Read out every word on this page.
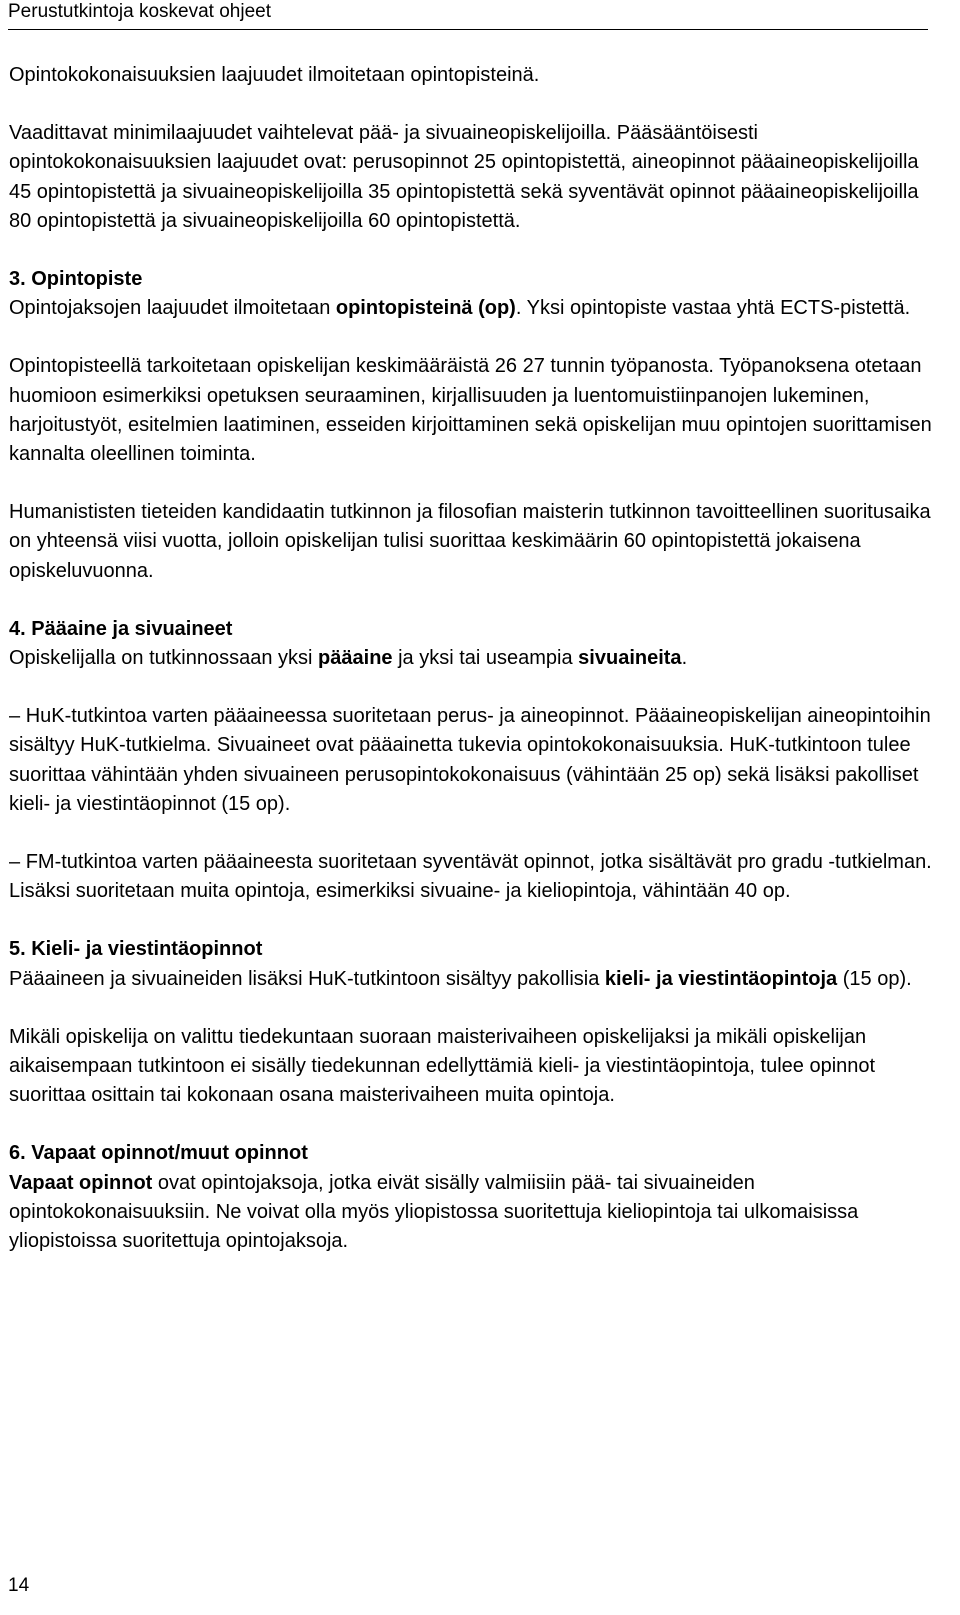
Perustutkintoja koskevat ohjeet

Opintokokonaisuuksien laajuudet ilmoitetaan opintopisteinä.

Vaadittavat minimilaajuudet vaihtelevat pää- ja sivuaineopiskelijoilla. Pääsääntöisesti opintokokonaisuuksien laajuudet ovat: perusopinnot 25 opintopistettä, aineopinnot pääaineopiskelijoilla 45 opintopistettä ja sivuaineopiskelijoilla 35 opintopistettä sekä syventävät opinnot pääaineopiskelijoilla 80 opintopistettä ja sivuaineopiskelijoilla 60 opintopistettä.

3. Opintopiste

Opintojaksojen laajuudet ilmoitetaan opintopisteinä (op). Yksi opintopiste vastaa yhtä ECTS-pistettä.

Opintopisteellä tarkoitetaan opiskelijan keskimääräistä 26 27 tunnin työpanosta. Työpanoksena otetaan huomioon esimerkiksi opetuksen seuraaminen, kirjallisuuden ja luentomuistiinpanojen lukeminen, harjoitustyöt, esitelmien laatiminen, esseiden kirjoittaminen sekä opiskelijan muu opintojen suorittamisen kannalta oleellinen toiminta.

Humanististen tieteiden kandidaatin tutkinnon ja filosofian maisterin tutkinnon tavoitteellinen suoritusaika on yhteensä viisi vuotta, jolloin opiskelijan tulisi suorittaa keskimäärin 60 opintopistettä jokaisena opiskeluvuonna.

4. Pääaine ja sivuaineet

Opiskelijalla on tutkinnossaan yksi pääaine ja yksi tai useampia sivuaineita.

– HuK-tutkintoa varten pääaineessa suoritetaan perus- ja aineopinnot. Pääaineopiskelijan aineopintoihin sisältyy HuK-tutkielma. Sivuaineet ovat pääainetta tukevia opintokokonaisuuksia. HuK-tutkintoon tulee suorittaa vähintään yhden sivuaineen perusopintokokonaisuus (vähintään 25 op) sekä lisäksi pakolliset kieli- ja viestintäopinnot (15 op).

– FM-tutkintoa varten pääaineesta suoritetaan syventävät opinnot, jotka sisältävät pro gradu -tutkielman. Lisäksi suoritetaan muita opintoja, esimerkiksi sivuaine- ja kieliopintoja, vähintään 40 op.

5. Kieli- ja viestintäopinnot

Pääaineen ja sivuaineiden lisäksi HuK-tutkintoon sisältyy pakollisia kieli- ja viestintäopintoja (15 op).

Mikäli opiskelija on valittu tiedekuntaan suoraan maisterivaiheen opiskelijaksi ja mikäli opiskelijan aikaisempaan tutkintoon ei sisälly tiedekunnan edellyttämiä kieli- ja viestintäopintoja, tulee opinnot suorittaa osittain tai kokonaan osana maisterivaiheen muita opintoja.

6. Vapaat opinnot/muut opinnot

Vapaat opinnot ovat opintojaksoja, jotka eivät sisälly valmiisiin pää- tai sivuaineiden opintokokonaisuuksiin. Ne voivat olla myös yliopistossa suoritettuja kieliopintoja tai ulkomaisissa yliopistoissa suoritettuja opintojaksoja.

14
